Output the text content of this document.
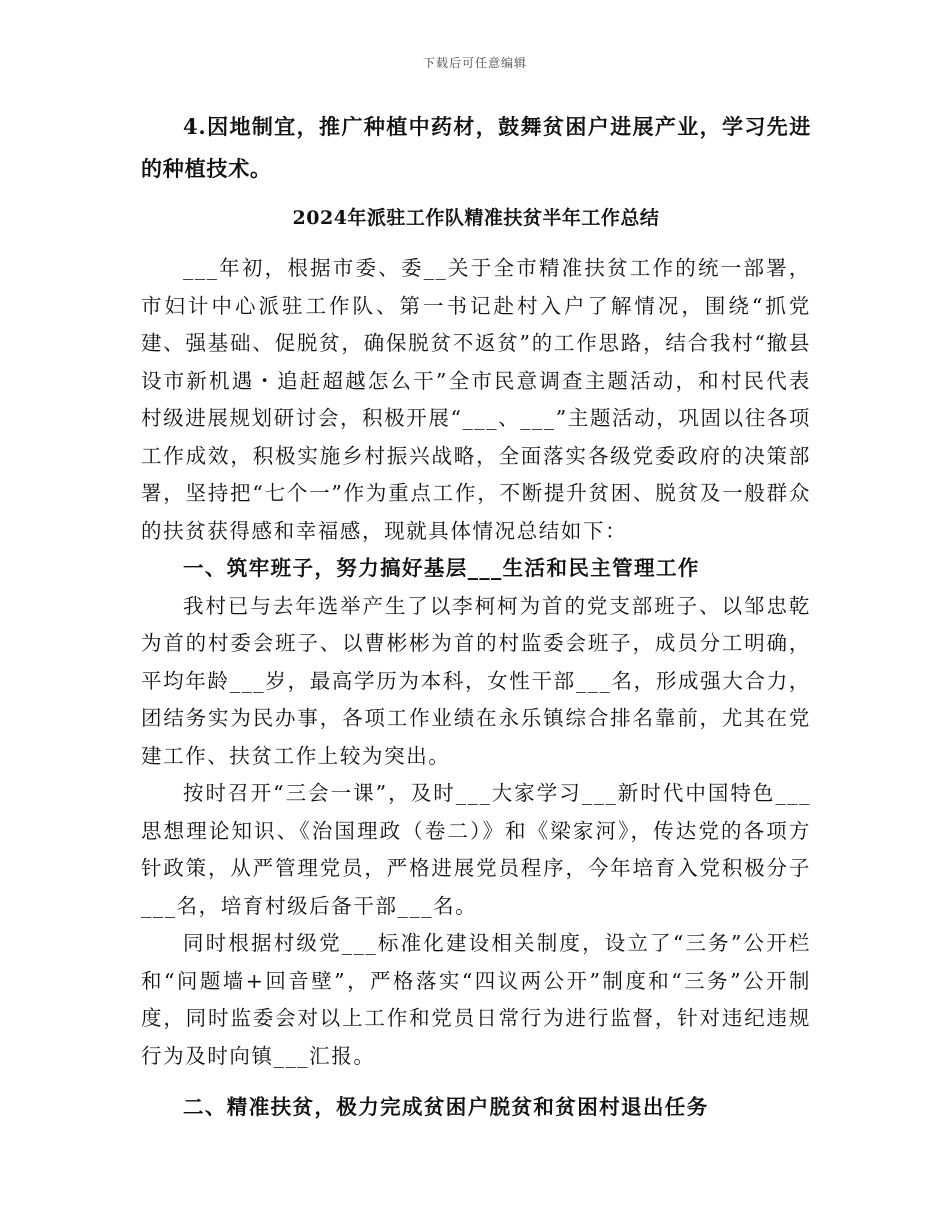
下载后可任意编辑

4.因地制宜，推广种植中药材，鼓舞贫困户进展产业，学习先进的种植技术。

2024年派驻工作队精准扶贫半年工作总结

___年初，根据市委、委__关于全市精准扶贫工作的统一部署，市妇计中心派驻工作队、第一书记赴村入户了解情况，围绕“抓党建、强基础、促脱贫，确保脱贫不返贫”的工作思路，结合我村“撤县设市新机遇・追赶超越怎么干”全市民意调查主题活动，和村民代表村级进展规划研讨会，积极开展“___、___”主题活动，巩固以往各项工作成效，积极实施乡村振兴战略，全面落实各级党委政府的决策部署，坚持把“七个一”作为重点工作，不断提升贫困、脱贫及一般群众的扶贫获得感和幸福感，现就具体情况总结如下：

一、筑牢班子，努力搞好基层___生活和民主管理工作

我村已与去年选举产生了以李柯柯为首的党支部班子、以邹忠乾为首的村委会班子、以曹彬彬为首的村监委会班子，成员分工明确，平均年龄___岁，最高学历为本科，女性干部___名，形成强大合力，团结务实为民办事，各项工作业绩在永乐镇综合排名靠前，尤其在党建工作、扶贫工作上较为突出。

按时召开“三会一课”，及时___大家学习___新时代中国特色___思想理论知识、《治国理政（卷二）》和《梁家河》，传达党的各项方针政策，从严管理党员，严格进展党员程序，今年培育入党积极分子___名，培育村级后备干部___名。

同时根据村级党___标准化建设相关制度，设立了“三务”公开栏和“问题墙+回音壁”，严格落实“四议两公开”制度和“三务”公开制度，同时监委会对以上工作和党员日常行为进行监督，针对违纪违规行为及时向镇___汇报。

二、精准扶贫，极力完成贫困户脱贫和贫困村退出任务
